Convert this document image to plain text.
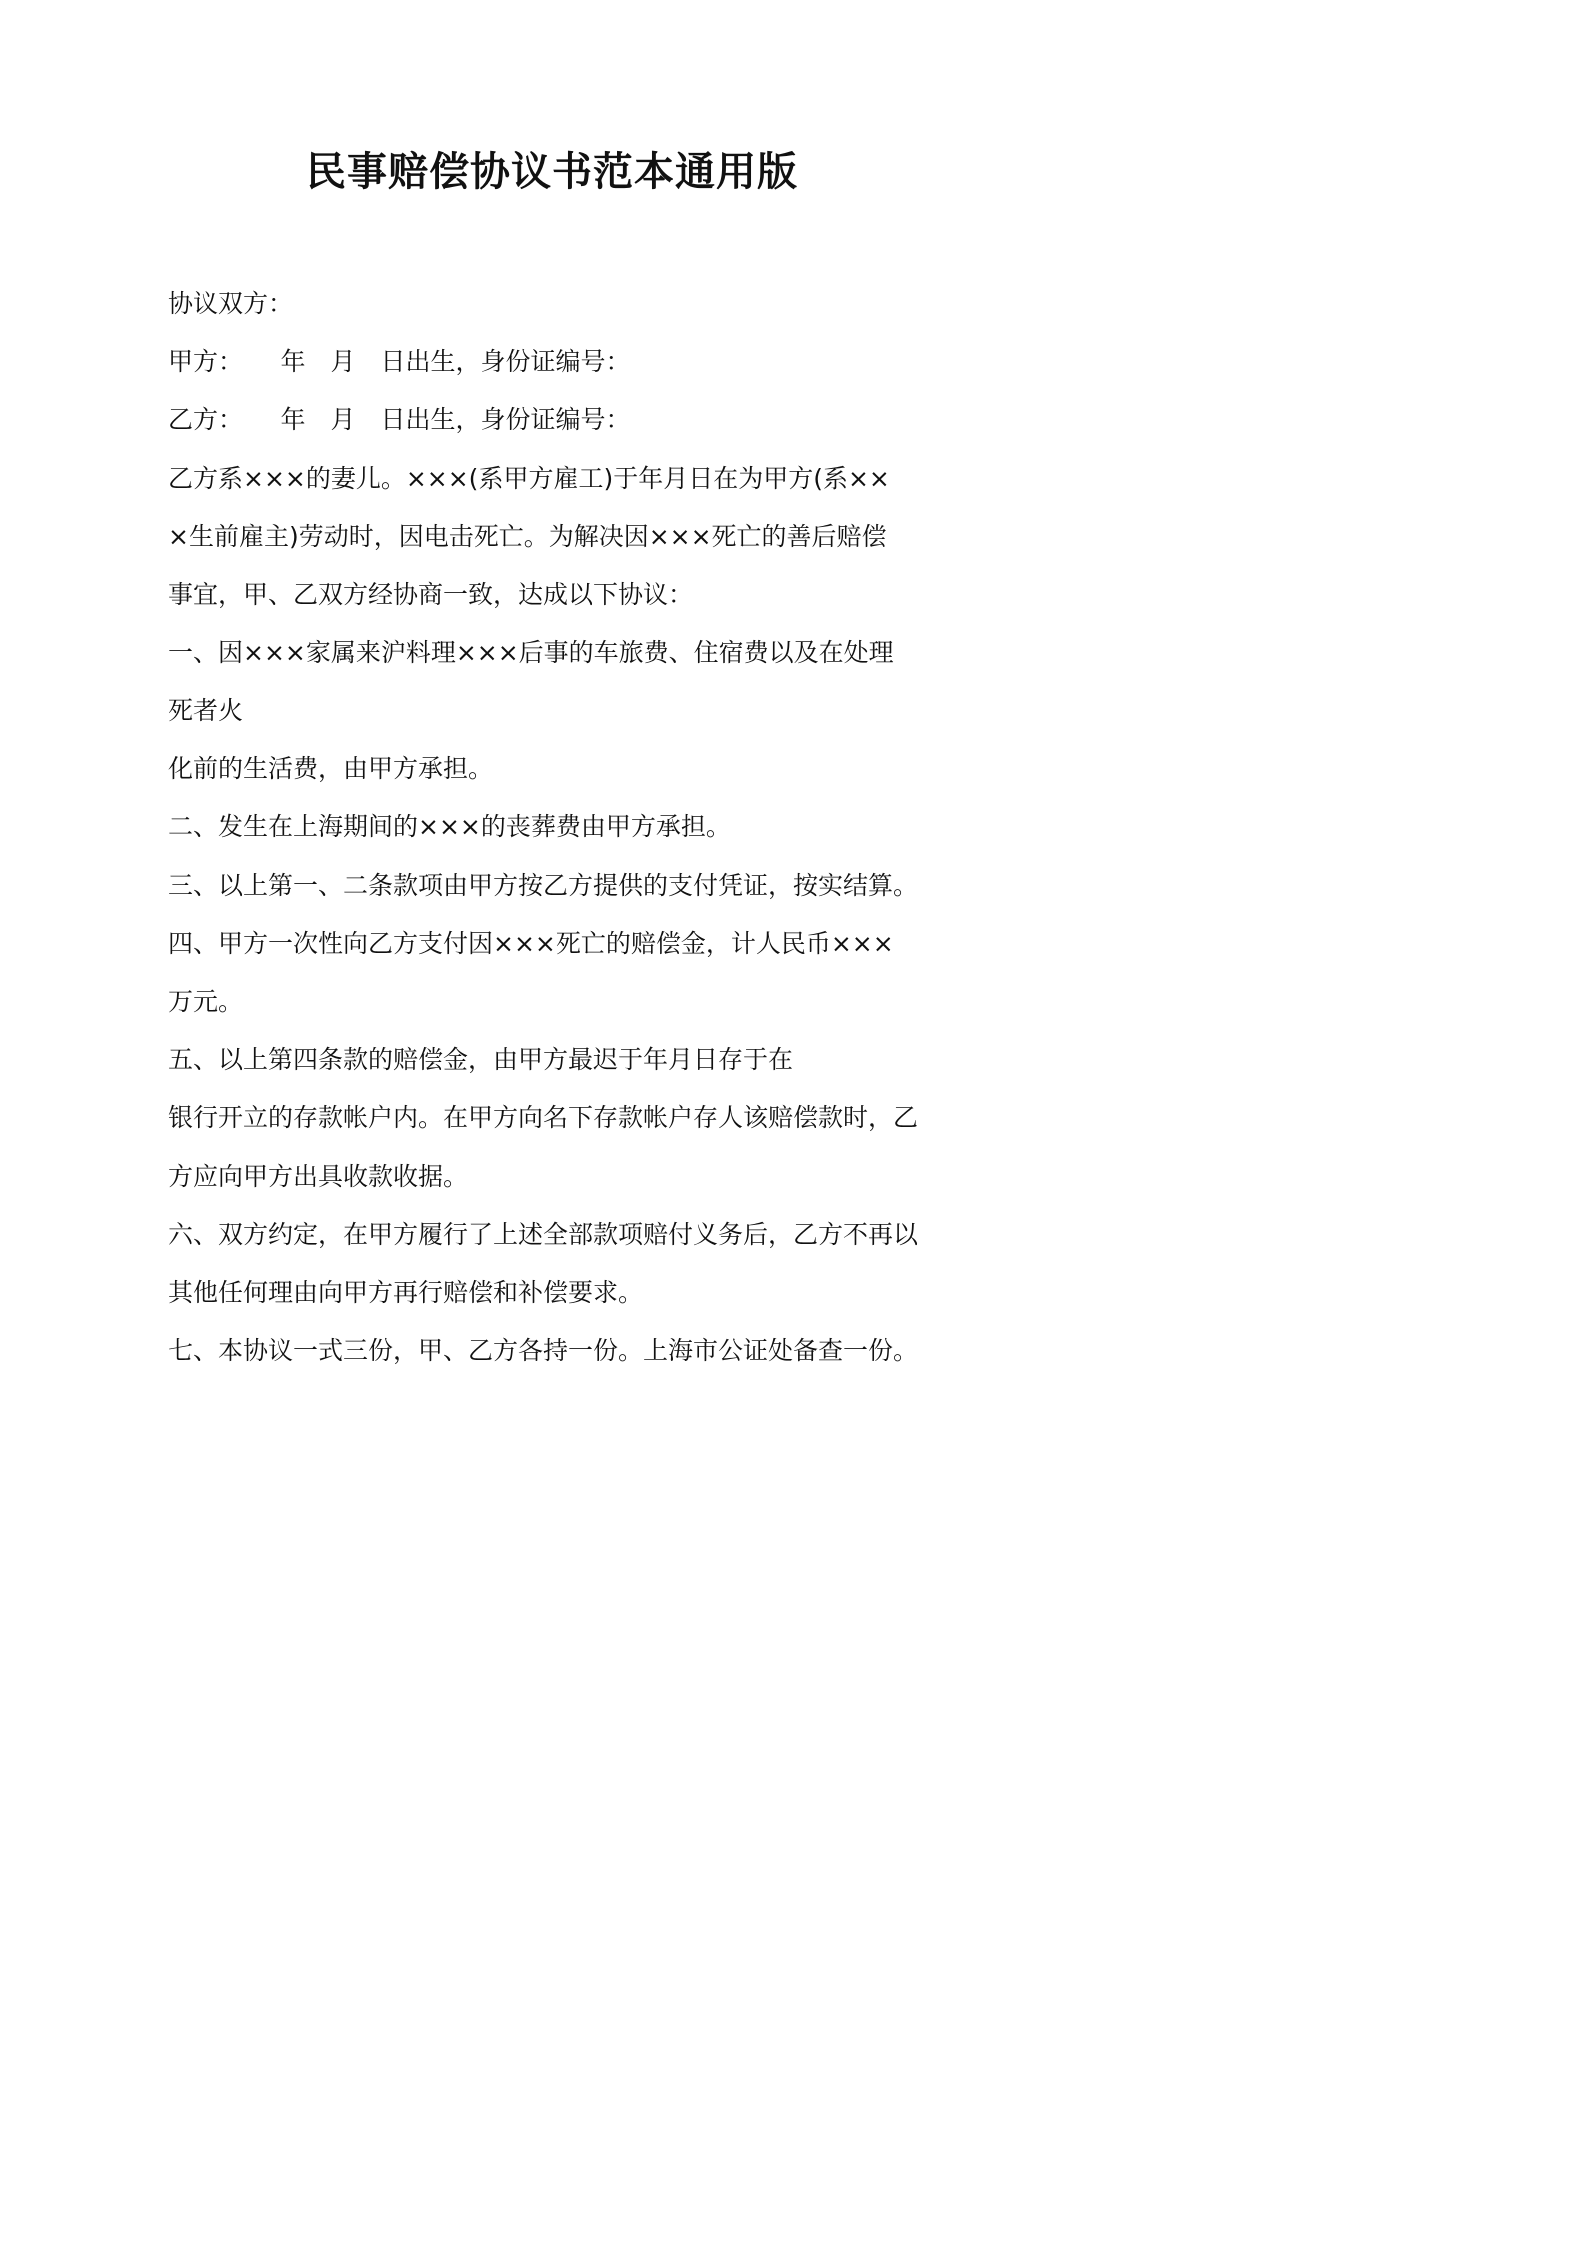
民事赔偿协议书范本通用版
协议双方：
甲方：　　年　月　日出生，身份证编号：
乙方：　　年　月　日出生，身份证编号：
乙方系×××的妻儿。×××(系甲方雇工)于年月日在为甲方(系××
×生前雇主)劳动时，因电击死亡。为解决因×××死亡的善后赔偿
事宜，甲、乙双方经协商一致，达成以下协议：
一、因×××家属来沪料理×××后事的车旅费、住宿费以及在处理
死者火
化前的生活费，由甲方承担。
二、发生在上海期间的×××的丧葬费由甲方承担。
三、以上第一、二条款项由甲方按乙方提供的支付凭证，按实结算。
四、甲方一次性向乙方支付因×××死亡的赔偿金，计人民币×××
万元。
五、以上第四条款的赔偿金，由甲方最迟于年月日存于在
银行开立的存款帐户内。在甲方向名下存款帐户存人该赔偿款时，乙
方应向甲方出具收款收据。
六、双方约定，在甲方履行了上述全部款项赔付义务后，乙方不再以
其他任何理由向甲方再行赔偿和补偿要求。
七、本协议一式三份，甲、乙方各持一份。上海市公证处备查一份。
